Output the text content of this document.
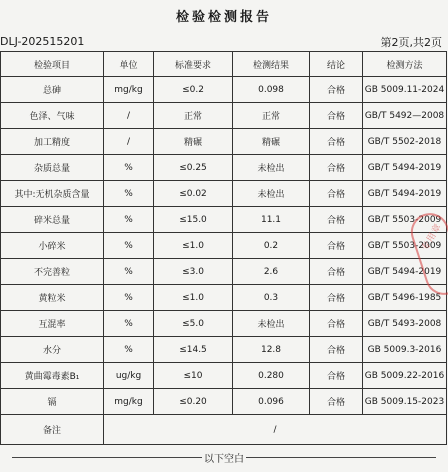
检验检测报告
DLJ-202515201	第2页,共2页
检验项目	单位	标准要求	检测结果	结论	检测方法
总砷	mg/kg	≤0.2	0.098	合格	GB 5009.11-2024
色泽、气味	/	正常	正常	合格	GB/T 5492—2008
加工精度	/	精碾	精碾	合格	GB/T 5502-2018
杂质总量	%	≤0.25	未检出	合格	GB/T 5494-2019
其中:无机杂质含量	%	≤0.02	未检出	合格	GB/T 5494-2019
碎米总量	%	≤15.0	11.1	合格	GB/T 5503-2009
小碎米	%	≤1.0	0.2	合格	GB/T 5503-2009
不完善粒	%	≤3.0	2.6	合格	GB/T 5494-2019
黄粒米	%	≤1.0	0.3	合格	GB/T 5496-1985
互混率	%	≤5.0	未检出	合格	GB/T 5493-2008
水分	%	≤14.5	12.8	合格	GB 5009.3-2016
黄曲霉毒素B₁	ug/kg	≤10	0.280	合格	GB 5009.22-2016
镉	mg/kg	≤0.20	0.096	合格	GB 5009.15-2023
备注	/				
专用章
以下空白
